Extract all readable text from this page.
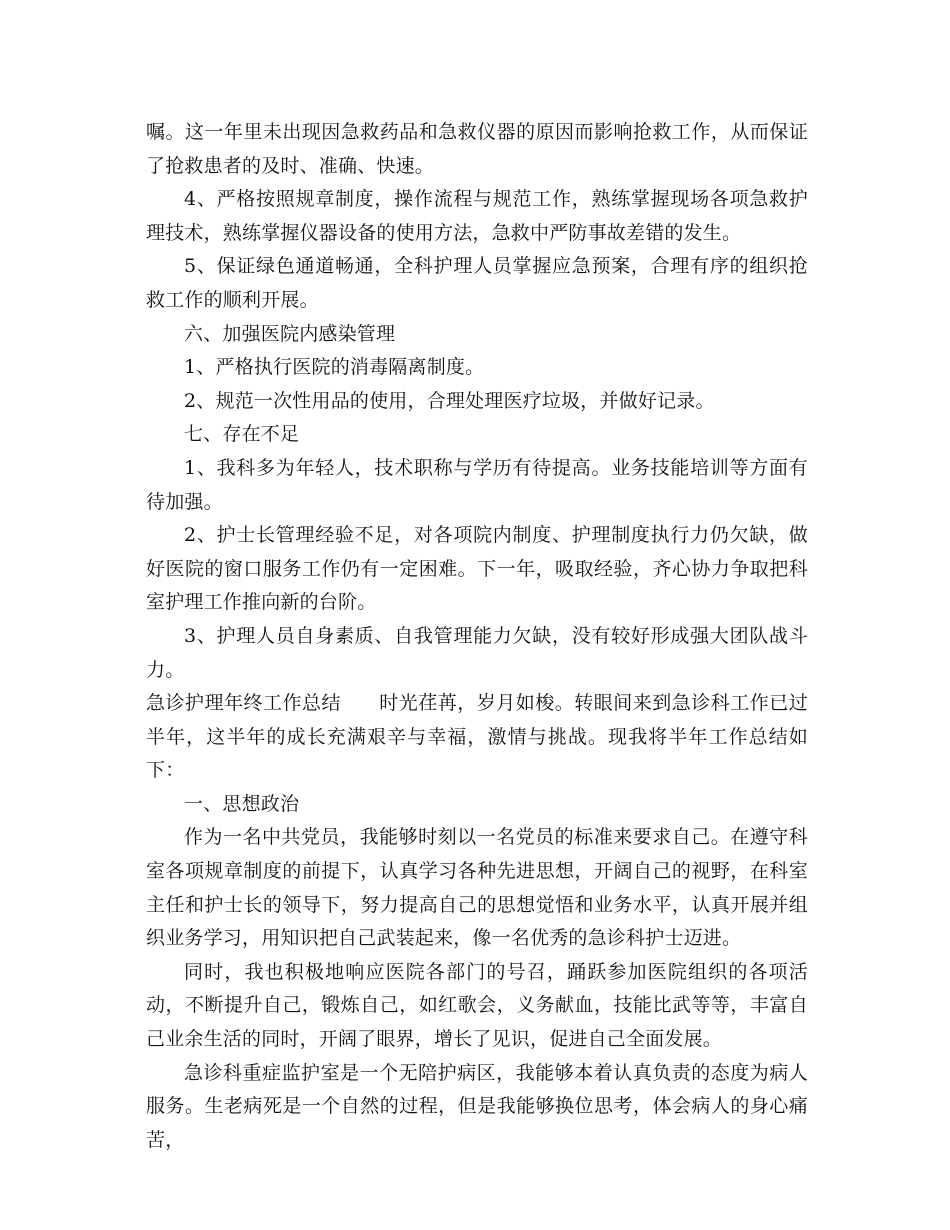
嘱。这一年里未出现因急救药品和急救仪器的原因而影响抢救工作，从而保证了抢救患者的及时、准确、快速。

4、严格按照规章制度，操作流程与规范工作，熟练掌握现场各项急救护理技术，熟练掌握仪器设备的使用方法，急救中严防事故差错的发生。

5、保证绿色通道畅通，全科护理人员掌握应急预案，合理有序的组织抢救工作的顺利开展。

六、加强医院内感染管理

1、严格执行医院的消毒隔离制度。

2、规范一次性用品的使用，合理处理医疗垃圾，并做好记录。

七、存在不足

1、我科多为年轻人，技术职称与学历有待提高。业务技能培训等方面有待加强。

2、护士长管理经验不足，对各项院内制度、护理制度执行力仍欠缺，做好医院的窗口服务工作仍有一定困难。下一年，吸取经验，齐心协力争取把科室护理工作推向新的台阶。

3、护理人员自身素质、自我管理能力欠缺，没有较好形成强大团队战斗力。

急诊护理年终工作总结 时光荏苒，岁月如梭。转眼间来到急诊科工作已过半年，这半年的成长充满艰辛与幸福，激情与挑战。现我将半年工作总结如下：

一、思想政治

作为一名中共党员，我能够时刻以一名党员的标准来要求自己。在遵守科室各项规章制度的前提下，认真学习各种先进思想，开阔自己的视野，在科室主任和护士长的领导下，努力提高自己的思想觉悟和业务水平，认真开展并组织业务学习，用知识把自己武装起来，像一名优秀的急诊科护士迈进。

同时，我也积极地响应医院各部门的号召，踊跃参加医院组织的各项活动，不断提升自己，锻炼自己，如红歌会，义务献血，技能比武等等，丰富自己业余生活的同时，开阔了眼界，增长了见识，促进自己全面发展。

急诊科重症监护室是一个无陪护病区，我能够本着认真负责的态度为病人服务。生老病死是一个自然的过程，但是我能够换位思考，体会病人的身心痛苦，
